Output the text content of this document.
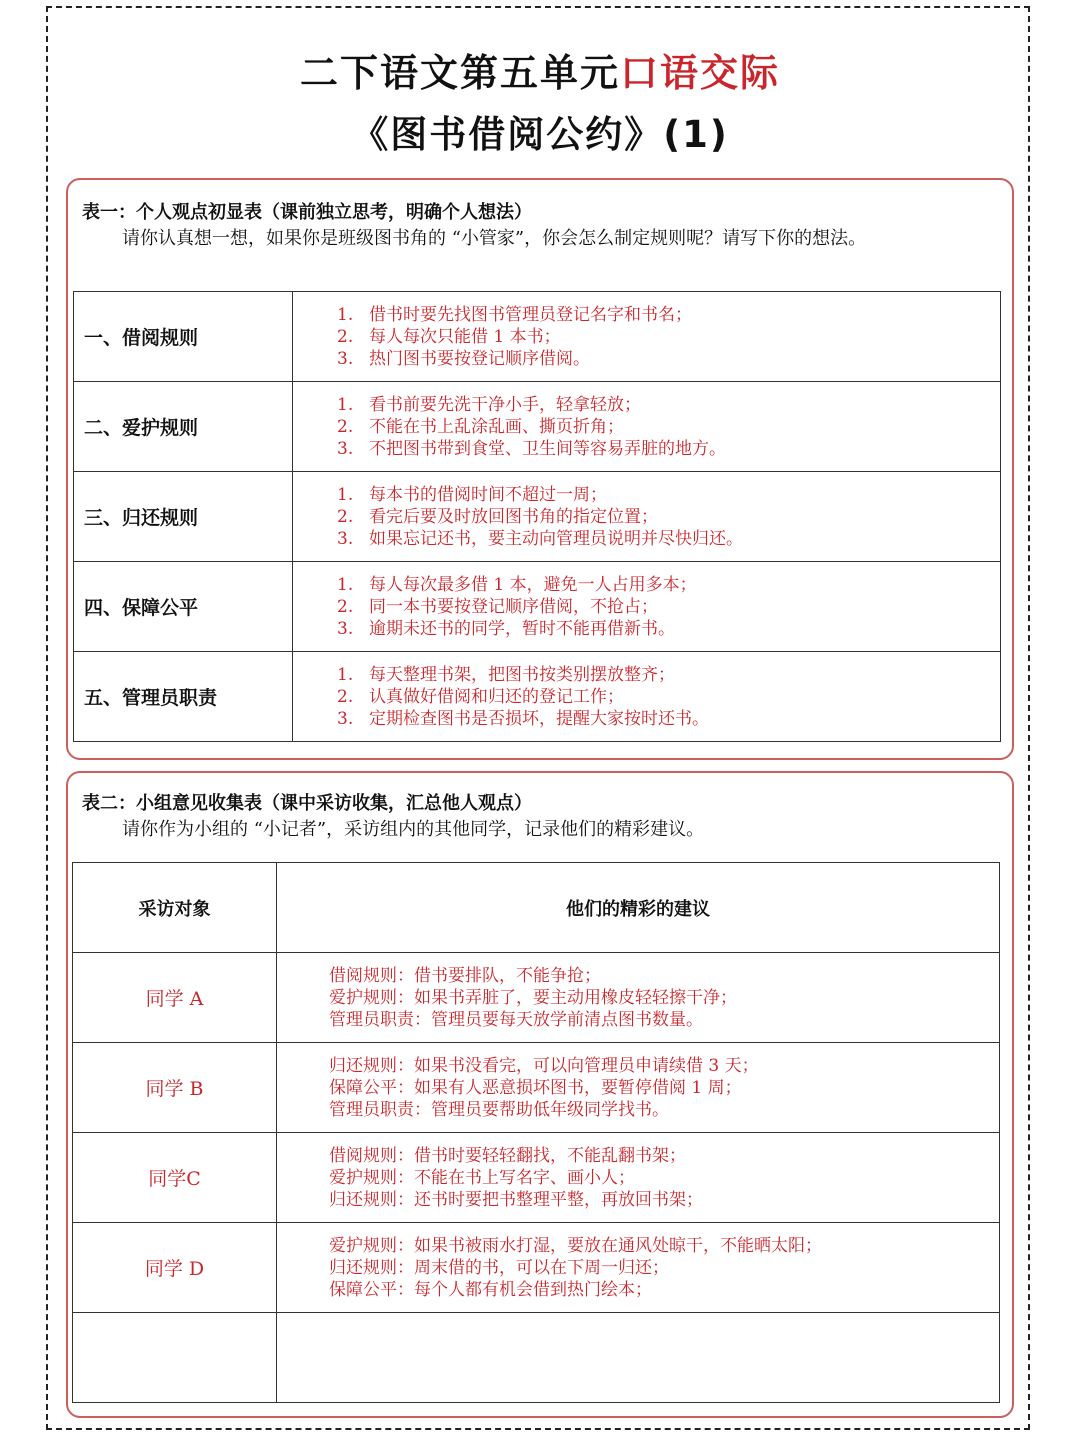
二下语文第五单元口语交际
《图书借阅公约》(1)
表一：个人观点初显表（课前独立思考，明确个人想法）
请你认真想一想，如果你是班级图书角的 “小管家”，你会怎么制定规则呢？请写下你的想法。
一、借阅规则	1. 借书时要先找图书管理员登记名字和书名；
2. 每人每次只能借 1 本书；
3. 热门图书要按登记顺序借阅。

二、爱护规则	1. 看书前要先洗干净小手，轻拿轻放；
2. 不能在书上乱涂乱画、撕页折角；
3. 不把图书带到食堂、卫生间等容易弄脏的地方。

三、归还规则	1. 每本书的借阅时间不超过一周；
2. 看完后要及时放回图书角的指定位置；
3. 如果忘记还书，要主动向管理员说明并尽快归还。

四、保障公平	1. 每人每次最多借 1 本，避免一人占用多本；
2. 同一本书要按登记顺序借阅，不抢占；
3. 逾期未还书的同学，暂时不能再借新书。

五、管理员职责	1. 每天整理书架，把图书按类别摆放整齐；
2. 认真做好借阅和归还的登记工作；
3. 定期检查图书是否损坏，提醒大家按时还书。
表二：小组意见收集表（课中采访收集，汇总他人观点）
请你作为小组的 “小记者”，采访组内的其他同学，记录他们的精彩建议。
采访对象	他们的精彩的建议
同学 A	借阅规则：借书要排队，不能争抢；
爱护规则：如果书弄脏了，要主动用橡皮轻轻擦干净；
管理员职责：管理员要每天放学前清点图书数量。

同学 B	归还规则：如果书没看完，可以向管理员申请续借 3 天；
保障公平：如果有人恶意损坏图书，要暂停借阅 1 周；
管理员职责：管理员要帮助低年级同学找书。

同学C	借阅规则：借书时要轻轻翻找，不能乱翻书架；
爱护规则：不能在书上写名字、画小人；
归还规则：还书时要把书整理平整，再放回书架；

同学 D	爱护规则：如果书被雨水打湿，要放在通风处晾干，不能晒太阳；
归还规则：周末借的书，可以在下周一归还；
保障公平：每个人都有机会借到热门绘本；
